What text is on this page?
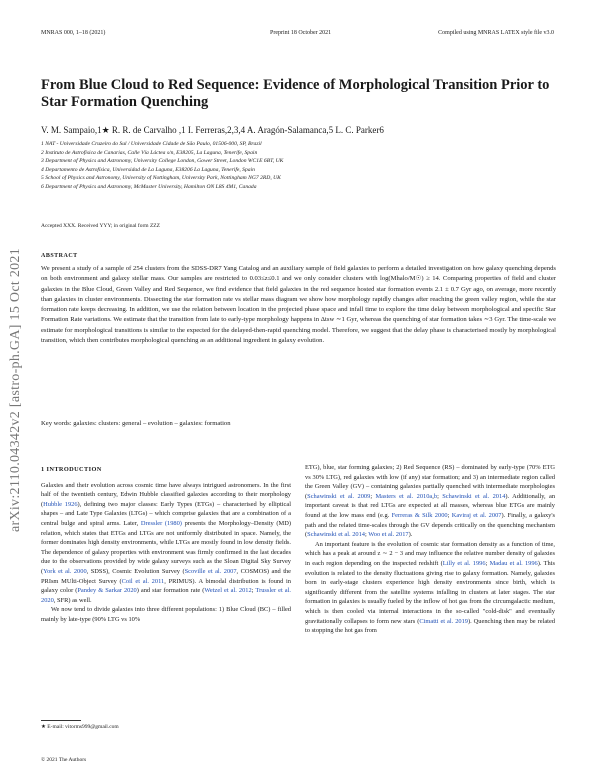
MNRAS 000, 1–18 (2021)	Preprint 18 October 2021	Compiled using MNRAS LATEX style file v3.0
arXiv:2110.04342v2 [astro-ph.GA] 15 Oct 2021
From Blue Cloud to Red Sequence: Evidence of Morphological Transition Prior to Star Formation Quenching
V. M. Sampaio,1★ R. R. de Carvalho ,1 I. Ferreras,2,3,4 A. Aragón-Salamanca,5 L. C. Parker6
1 NAT - Universidade Cruzeiro do Sul / Universidade Cidade de São Paulo, 01506-000, SP, Brazil
2 Instituto de Astrofísica de Canarias, Calle Vía Láctea s/n, E38205, La Laguna, Tenerife, Spain
3 Department of Physics and Astronomy, University College London, Gower Street, London WC1E 6BT, UK
4 Departamento de Astrofísica, Universidad de La Laguna, E38206 La Laguna, Tenerife, Spain
5 School of Physics and Astronomy, University of Nottingham, University Park, Nottingham NG7 2RD, UK
6 Department of Physics and Astronomy, McMaster University, Hamilton ON L8S 4M1, Canada
Accepted XXX. Received YYY; in original form ZZZ
ABSTRACT
We present a study of a sample of 254 clusters from the SDSS-DR7 Yang Catalog and an auxiliary sample of field galaxies to perform a detailed investigation on how galaxy quenching depends on both environment and galaxy stellar mass. Our samples are restricted to 0.03≤z≤0.1 and we only consider clusters with log(Mhalo/M☉) ≥ 14. Comparing properties of field and cluster galaxies in the Blue Cloud, Green Valley and Red Sequence, we find evidence that field galaxies in the red sequence hosted star formation events 2.1 ± 0.7 Gyr ago, on average, more recently than galaxies in cluster environments. Dissecting the star formation rate vs stellar mass diagram we show how morphology rapidly changes after reaching the green valley region, while the star formation rate keeps decreasing. In addition, we use the relation between location in the projected phase space and infall time to explore the time delay between morphological and specific Star Formation Rate variations. We estimate that the transition from late to early-type morphology happens in Δtsw ∼1 Gyr, whereas the quenching of star formation takes ∼3 Gyr. The time-scale we estimate for morphological transitions is similar to the expected for the delayed-then-rapid quenching model. Therefore, we suggest that the delay phase is characterised mostly by morphological transition, which then contributes morphological quenching as an additional ingredient in galaxy evolution.
Key words: galaxies: clusters: general – evolution – galaxies: formation
1 INTRODUCTION

Galaxies and their evolution across cosmic time have always intrigued astronomers. In the first half of the twentieth century, Edwin Hubble classified galaxies according to their morphology (Hubble 1926), defining two major classes: Early Types (ETGs) – characterised by elliptical shapes – and Late Type Galaxies (LTGs) – which comprise galaxies that are a combination of a central bulge and spiral arms. Later, Dressler (1980) presents the Morphology–Density (MD) relation, which states that ETGs and LTGs are not uniformly distributed in space. Namely, the former dominates high density environments, while LTGs are mostly found in low density fields. The dependence of galaxy properties with environment was firmly confirmed in the last decades due to the observations provided by wide galaxy surveys such as the Sloan Digital Sky Survey (York et al. 2000, SDSS), Cosmic Evolution Survey (Scoville et al. 2007, COSMOS) and the PRIsm MUlti-Object Survey (Coil et al. 2011, PRIMUS). A bimodal distribution is found in galaxy color (Pandey & Sarkar 2020) and star formation rate (Wetzel et al. 2012; Trussler et al. 2020, SFR) as well.

We now tend to divide galaxies into three different populations: 1) Blue Cloud (BC) – filled mainly by late-type (90% LTG vs 10%

ETG), blue, star forming galaxies; 2) Red Sequence (RS) – dominated by early-type (70% ETG vs 30% LTG), red galaxies with low (if any) star formation; and 3) an intermediate region called the Green Valley (GV) – containing galaxies partially quenched with intermediate morphologies (Schawinski et al. 2009; Masters et al. 2010a,b; Schawinski et al. 2014). Additionally, an important caveat is that red LTGs are expected at all masses, whereas blue ETGs are mainly found at the low mass end (e.g. Ferreras & Silk 2000; Kaviraj et al. 2007). Finally, a galaxy's path and the related time-scales through the GV depends critically on the quenching mechanism (Schawinski et al. 2014; Woo et al. 2017).

An important feature is the evolution of cosmic star formation density as a function of time, which has a peak at around z ∼ 2 − 3 and may influence the relative number density of galaxies in each region depending on the inspected redshift (Lilly et al. 1996; Madau et al. 1996). This evolution is related to the density fluctuations giving rise to galaxy formation. Namely, galaxies born in early-stage clusters experience high density environments since birth, which is significantly different from the satellite systems infalling in clusters at later stages. The star formation in galaxies is usually fueled by the inflow of hot gas from the circumgalactic medium, which is then cooled via internal interactions in the so-called "cold-disk" and eventually gravitationally collapses to form new stars (Cimatti et al. 2019). Quenching then may be related to stopping the hot gas from

★ E-mail: vitorms999@gmail.com
© 2021 The Authors
